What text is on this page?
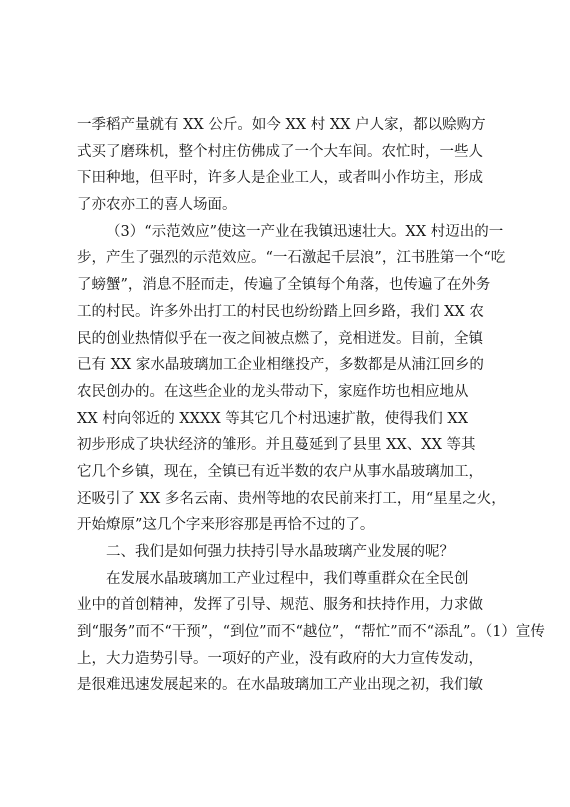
一季稻产量就有 XX 公斤。如今 XX 村 XX 户人家，都以赊购方
式买了磨珠机，整个村庄仿佛成了一个大车间。农忙时，一些人
下田种地，但平时，许多人是企业工人，或者叫小作坊主，形成
了亦农亦工的喜人场面。
（3）“示范效应”使这一产业在我镇迅速壮大。XX 村迈出的一
步，产生了强烈的示范效应。“一石激起千层浪”，江书胜第一个“吃
了螃蟹”，消息不胫而走，传遍了全镇每个角落，也传遍了在外务
工的村民。许多外出打工的村民也纷纷踏上回乡路，我们 XX 农
民的创业热情似乎在一夜之间被点燃了，竞相迸发。目前，全镇
已有 XX 家水晶玻璃加工企业相继投产，多数都是从浦江回乡的
农民创办的。在这些企业的龙头带动下，家庭作坊也相应地从
XX 村向邻近的 XXXX 等其它几个村迅速扩散，使得我们 XX
初步形成了块状经济的雏形。并且蔓延到了县里 XX、XX 等其
它几个乡镇，现在，全镇已有近半数的农户从事水晶玻璃加工，
还吸引了 XX 多名云南、贵州等地的农民前来打工，用“星星之火，
开始燎原”这几个字来形容那是再恰不过的了。
二、我们是如何强力扶持引导水晶玻璃产业发展的呢？
在发展水晶玻璃加工产业过程中，我们尊重群众在全民创
业中的首创精神，发挥了引导、规范、服务和扶持作用，力求做
到“服务”而不“干预”，“到位”而不“越位”，“帮忙”而不“添乱”。（1）宣传
上，大力造势引导。一项好的产业，没有政府的大力宣传发动，
是很难迅速发展起来的。在水晶玻璃加工产业出现之初，我们敏
